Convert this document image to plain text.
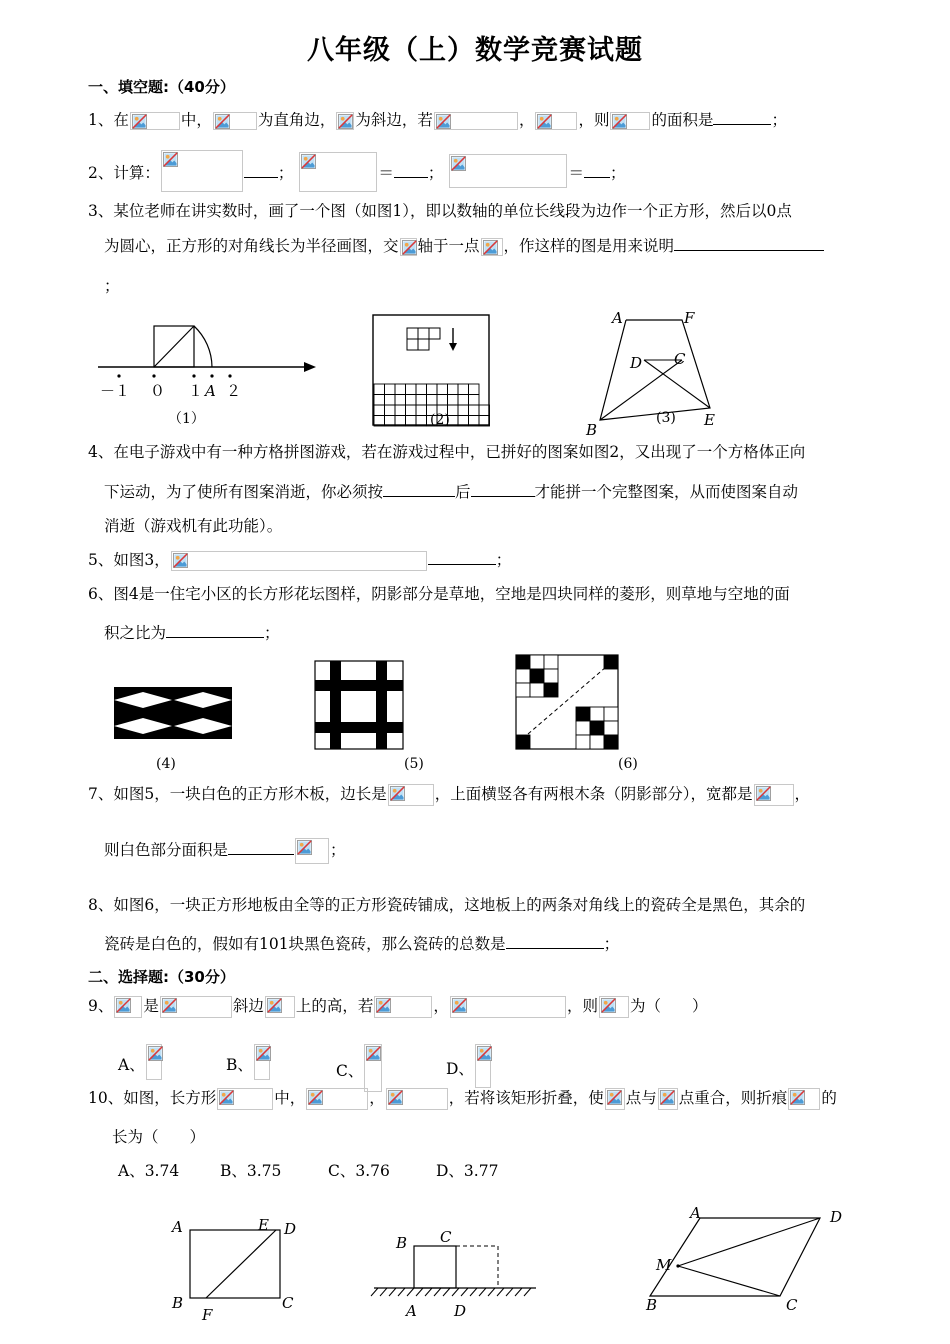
八年级（上）数学竞赛试题
一、填空题:（40分）
1、在	中，	为直角边， 为斜边，若	，	，则	的面积是	；
2、计算：	；	＝ ；	＝ ；
3、某位老师在讲实数时，画了一个图（如图1），即以数轴的单位长线段为边作一个正方形，然后以0点
为圆心，正方形的对角线长为半径画图，交 轴于一点 ，作这样的图是用来说明
；
－１ ０ １ A ２
（1）	(2)
A	F
D C
B
E
(3)
4、在电子游戏中有一种方格拼图游戏，若在游戏过程中，已拼好的图案如图2，又出现了一个方格体正向
下运动，为了使所有图案消逝，你必须按	后	才能拼一个完整图案，从而使图案自动
消逝（游戏机有此功能）。
5、如图3，	；
6、图4是一住宅小区的长方形花坛图样，阴影部分是草地，空地是四块同样的菱形，则草地与空地的面
积之比为	；
(4)	(5)	(6)
7、如图5，一块白色的正方形木板，边长是	，上面横竖各有两根木条（阴影部分），宽都是	，
则白色部分面积是	；
8、如图6，一块正方形地板由全等的正方形瓷砖铺成，这地板上的两条对角线上的瓷砖全是黑色，其余的
瓷砖是白色的，假如有101块黑色瓷砖，那么瓷砖的总数是	；
二、选择题:（30分）
9、 是	斜边 上的高，若	，	，则 为（　　）
A、	B、	C、	D、
10、如图，长方形	中，	，	，若将该矩形折叠，使 点与 点重合，则折痕 的
长为（　　）
A、3.74	B、3.75	C、3.76	D、3.77
A	E D
B
F
C
B C
A D
A	D
M
B	C
